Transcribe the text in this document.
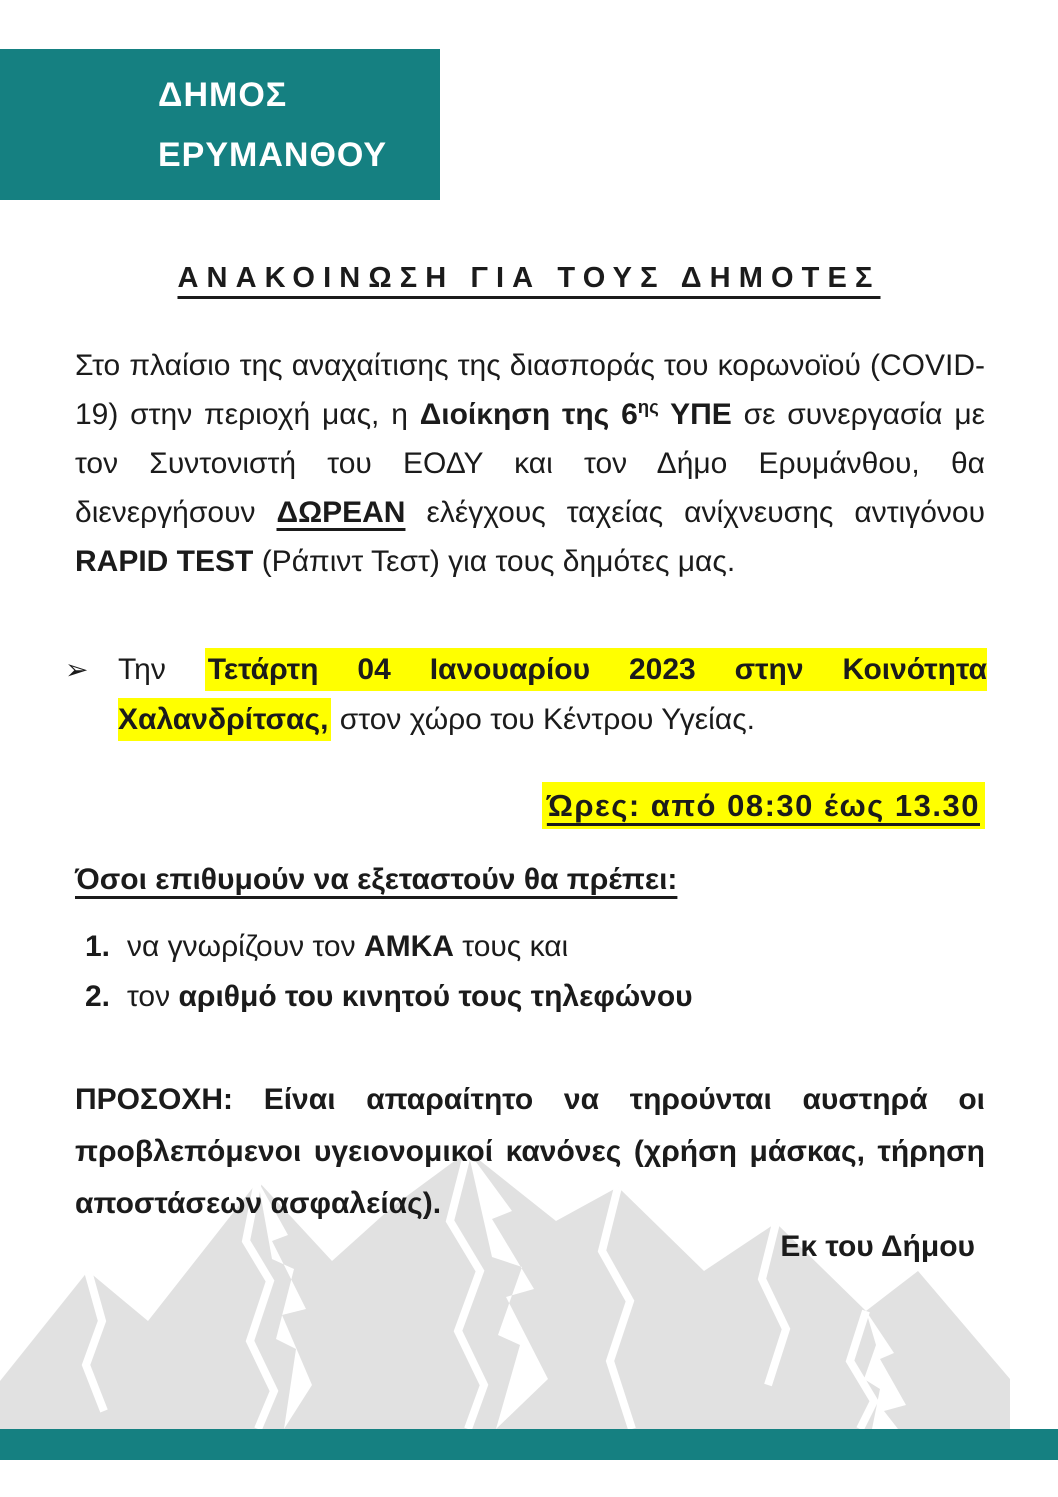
ΔΗΜΟΣ
ΕΡΥΜΑΝΘΟΥ
ΑΝΑΚΟΙΝΩΣΗ ΓΙΑ ΤΟΥΣ ΔΗΜΟΤΕΣ
Στο πλαίσιο της αναχαίτισης της διασποράς του κορωνοϊού (COVID-19) στην περιοχή μας, η Διοίκηση της $6^{\eta\varsigma}$ ΥΠΕ σε συνεργασία με τον Συντονιστή του ΕΟΔΥ και τον Δήμο Ερυμάνθου, θα διενεργήσουν ΔΩΡΕΑΝ ελέγχους ταχείας ανίχνευσης αντιγόνου RAPID TEST (Ράπιντ Τεστ) για τους δημότες μας.
➢ Την Τετάρτη 04 Ιανουαρίου 2023 στην Κοινότητα Χαλανδρίτσας, στον χώρο του Κέντρου Υγείας.
Ώρες: από 08:30 έως 13.30
Όσοι επιθυμούν να εξεταστούν θα πρέπει:
1. να γνωρίζουν τον ΑΜΚΑ τους και
2. τον αριθμό του κινητού τους τηλεφώνου
ΠΡΟΣΟΧΗ: Είναι απαραίτητο να τηρούνται αυστηρά οι προβλεπόμενοι υγειονομικοί κανόνες (χρήση μάσκας, τήρηση αποστάσεων ασφαλείας).
Εκ του Δήμου
